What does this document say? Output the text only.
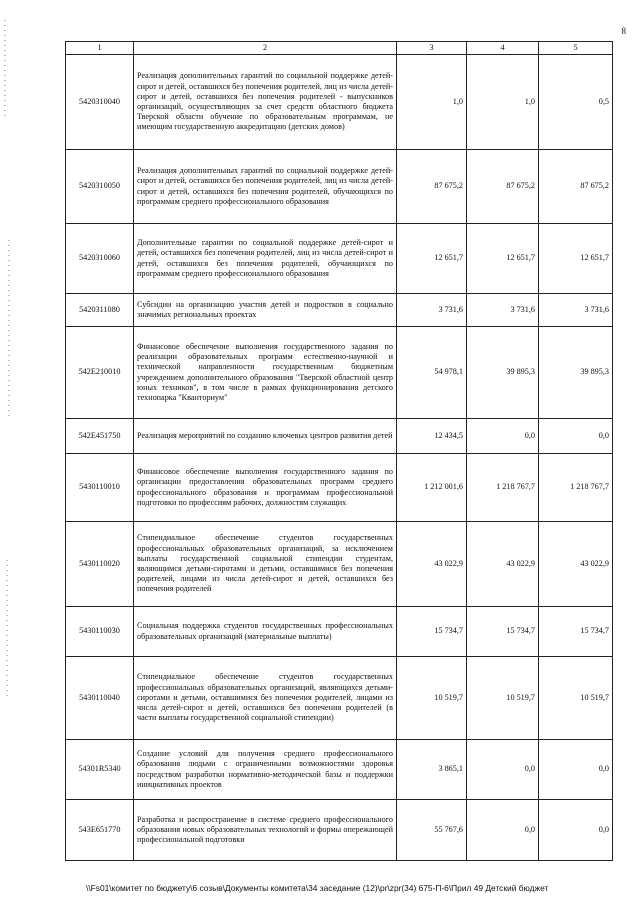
8
1	2	3	4	5
5420310040	Реализация дополнительных гарантий по социальной поддержке детей-сирот и детей, оставшихся без попечения родителей, лиц из числа детей-сирот и детей, оставшихся без попечения родителей - выпускников организаций, осуществляющих за счет средств областного бюджета Тверской области обучение по образовательным программам, не имеющим государственную аккредитацию (детских домов)	1,0	1,0	0,5
5420310050	Реализация дополнительных гарантий по социальной поддержке детей-сирот и детей, оставшихся без попечения родителей, лиц из числа детей-сирот и детей, оставшихся без попечения родителей, обучающихся по программам среднего профессионального образования	87 675,2	87 675,2	87 675,2
5420310060	Дополнительные гарантии по социальной поддержке детей-сирот и детей, оставшихся без попечения родителей, лиц из числа детей-сирот и детей, оставшихся без попечения родителей, обучающихся по программам среднего профессионального образования	12 651,7	12 651,7	12 651,7
5420311080	Субсидии на организацию участия детей и подростков в социально значимых региональных проектах	3 731,6	3 731,6	3 731,6
542E210010	Финансовое обеспечение выполнения государственного задания по реализации образовательных программ естественно-научной и технической направленности государственным бюджетным учреждением дополнительного образования "Тверской областной центр юных техников", в том числе в рамках функционирования детского технопарка "Кванториум"	54 978,1	39 895,3	39 895,3
542E451750	Реализация мероприятий по созданию ключевых центров развития детей	12 434,5	0,0	0,0
5430110010	Финансовое обеспечение выполнения государственного задания по организации предоставления образовательных программ среднего профессионального образования и программам профессиональной подготовки по профессиям рабочих, должностям служащих	1 212 001,6	1 218 767,7	1 218 767,7
5430110020	Стипендиальное обеспечение студентов государственных профессиональных образовательных организаций, за исключением выплаты государственной социальной стипендии студентам, являющимся детьми-сиротами и детьми, оставшимися без попечения родителей, лицами из числа детей-сирот и детей, оставшихся без попечения родителей	43 022,9	43 022,9	43 022,9
5430110030	Социальная поддержка студентов государственных профессиональных образовательных организаций (материальные выплаты)	15 734,7	15 734,7	15 734,7
5430110040	Стипендиальное обеспечение студентов государственных профессиональных образовательных организаций, являющихся детьми-сиротами и детьми, оставшимися без попечения родителей, лицами из числа детей-сирот и детей, оставшихся без попечения родителей (в части выплаты государственной социальной стипендии)	10 519,7	10 519,7	10 519,7
54301R5340	Создание условий для получения среднего профессионального образования людьми с ограниченными возможностями здоровья посредством разработки нормативно-методической базы и поддержки инициативных проектов	3 865,1	0,0	0,0
543E651770	Разработка и распространение в системе среднего профессионального образования новых образовательных технологий и формы опережающей профессиональной подготовки	55 767,6	0,0	0,0
\\Fs01\комитет по бюджету\6 созыв\Документы комитета\34 заседание (12)\pr\zpr(34) 675-П-6\Прил 49 Детский бюджет
